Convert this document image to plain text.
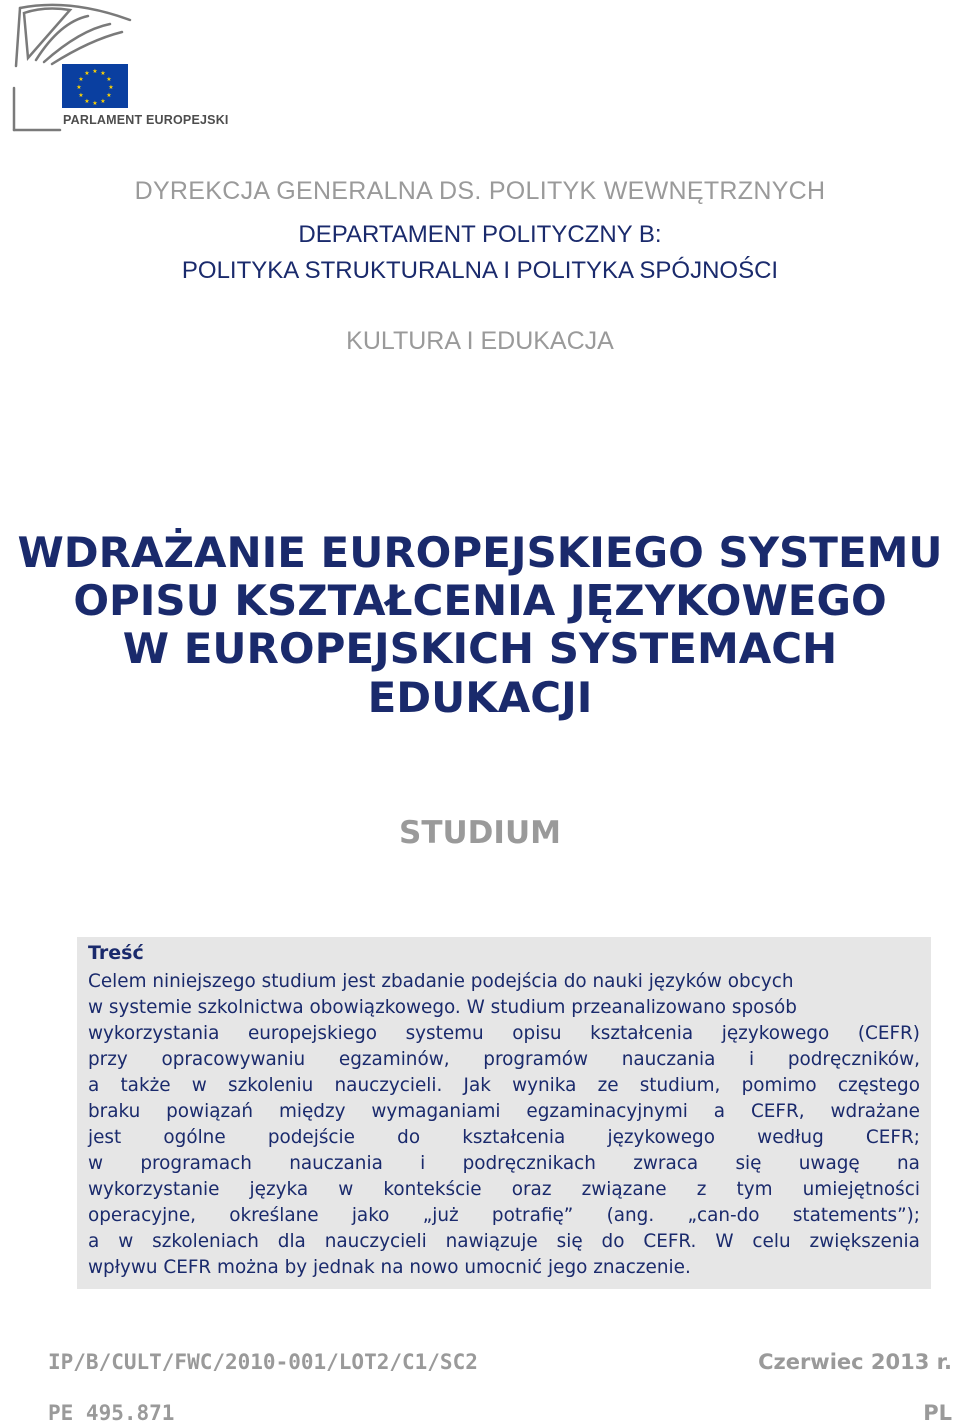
★ ★
★
★
★
★
★
★
★
★
★
★
PARLAMENT EUROPEJSKI
DYREKCJA GENERALNA DS. POLITYK WEWNĘTRZNYCH
DEPARTAMENT POLITYCZNY B:
POLITYKA STRUKTURALNA I POLITYKA SPÓJNOŚCI
KULTURA I EDUKACJA
WDRAŻANIE EUROPEJSKIEGO SYSTEMU
OPISU KSZTAŁCENIA JĘZYKOWEGO
W EUROPEJSKICH SYSTEMACH
EDUKACJI
STUDIUM
Treść
Celem niniejszego studium jest zbadanie podejścia do nauki języków obcych
w systemie szkolnictwa obowiązkowego. W studium przeanalizowano sposób
wykorzystania europejskiego systemu opisu kształcenia językowego (CEFR)
przy opracowywaniu egzaminów, programów nauczania i podręczników,
a także w szkoleniu nauczycieli. Jak wynika ze studium, pomimo częstego
braku powiązań między wymaganiami egzaminacyjnymi a CEFR, wdrażane
jest ogólne podejście do kształcenia językowego według CEFR;
w programach nauczania i podręcznikach zwraca się uwagę na
wykorzystanie języka w kontekście oraz związane z tym umiejętności
operacyjne, określane jako „już potrafię” (ang. „can-do statements”);
a w szkoleniach dla nauczycieli nawiązuje się do CEFR. W celu zwiększenia
wpływu CEFR można by jednak na nowo umocnić jego znaczenie.
IP/B/CULT/FWC/2010-001/LOT2/C1/SC2	Czerwiec 2013 r.
PE 495.871	PL
